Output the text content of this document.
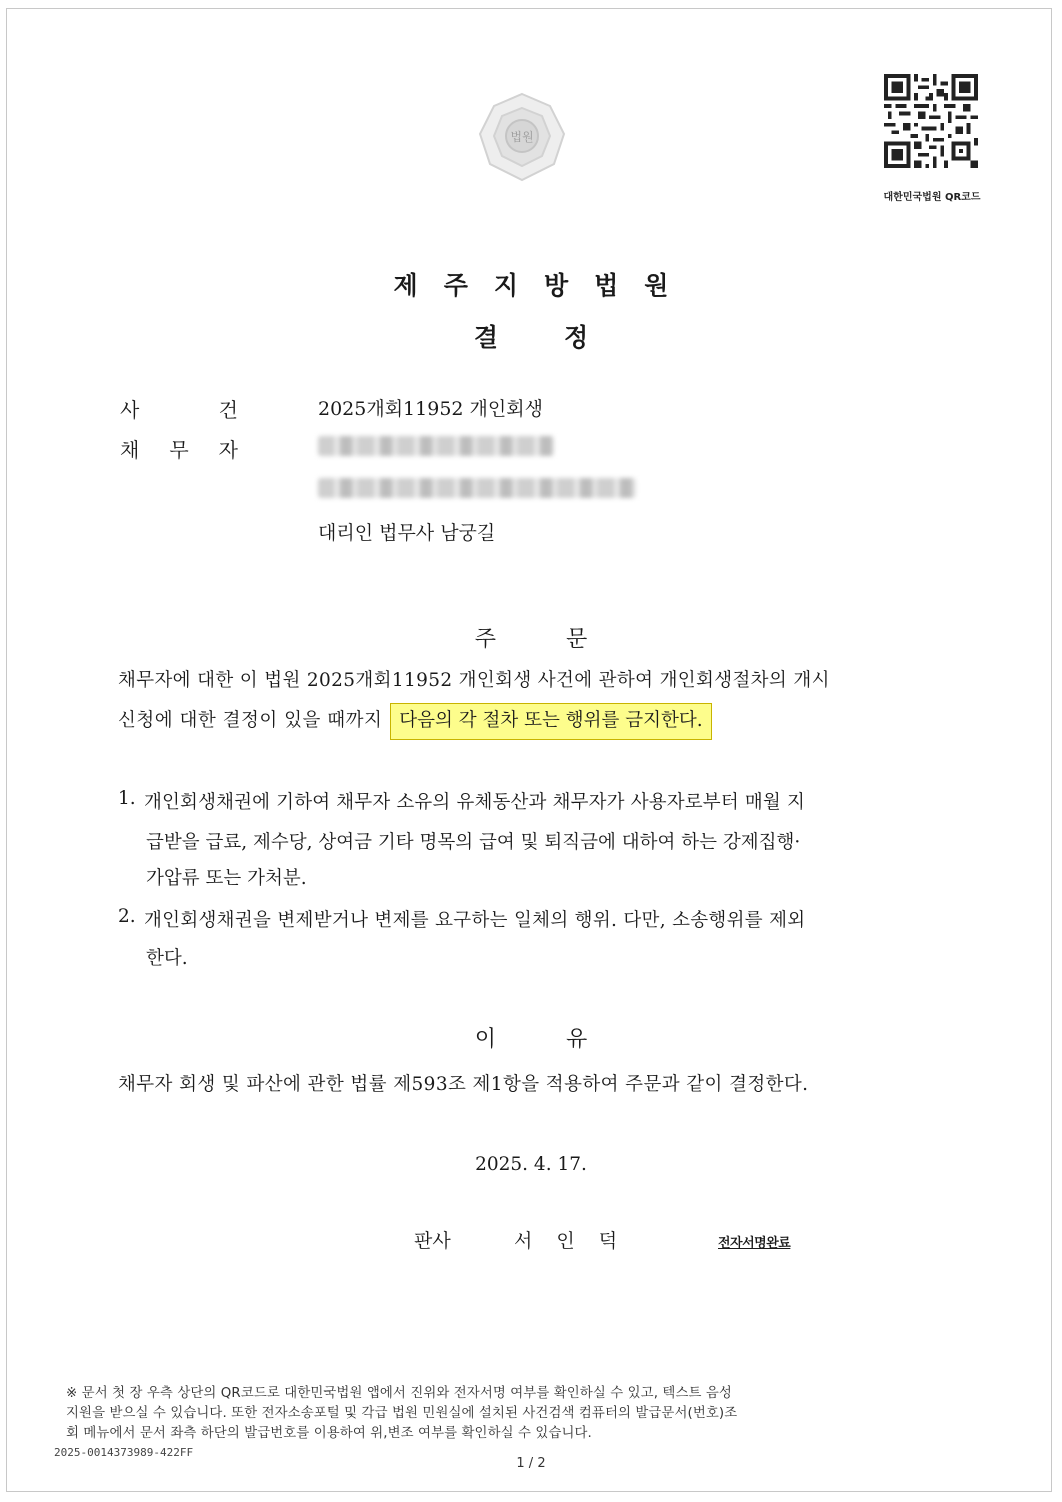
법원
대한민국법원 QR코드
제주지방법원
결	정
사	건	2025개회11952 개인회생
채 무 자
대리인 법무사 남궁길
주	문
채무자에 대한 이 법원 2025개회11952 개인회생 사건에 관하여 개인회생절차의 개시
신청에 대한 결정이 있을 때까지 다음의 각 절차 또는 행위를 금지한다.
1. 개인회생채권에 기하여 채무자 소유의 유체동산과 채무자가 사용자로부터 매월 지
급받을 급료, 제수당, 상여금 기타 명목의 급여 및 퇴직금에 대하여 하는 강제집행·
가압류 또는 가처분.
2. 개인회생채권을 변제받거나 변제를 요구하는 일체의 행위. 다만, 소송행위를 제외
한다.
이	유
채무자 회생 및 파산에 관한 법률 제593조 제1항을 적용하여 주문과 같이 결정한다.
2025. 4. 17.
판사	서인덕	전자서명완료
※ 문서 첫 장 우측 상단의 QR코드로 대한민국법원 앱에서 진위와 전자서명 여부를 확인하실 수 있고, 텍스트 음성
지원을 받으실 수 있습니다. 또한 전자소송포털 및 각급 법원 민원실에 설치된 사건검색 컴퓨터의 발급문서(번호)조
회 메뉴에서 문서 좌측 하단의 발급번호를 이용하여 위,변조 여부를 확인하실 수 있습니다.
2025-0014373989-422FF
1 / 2
